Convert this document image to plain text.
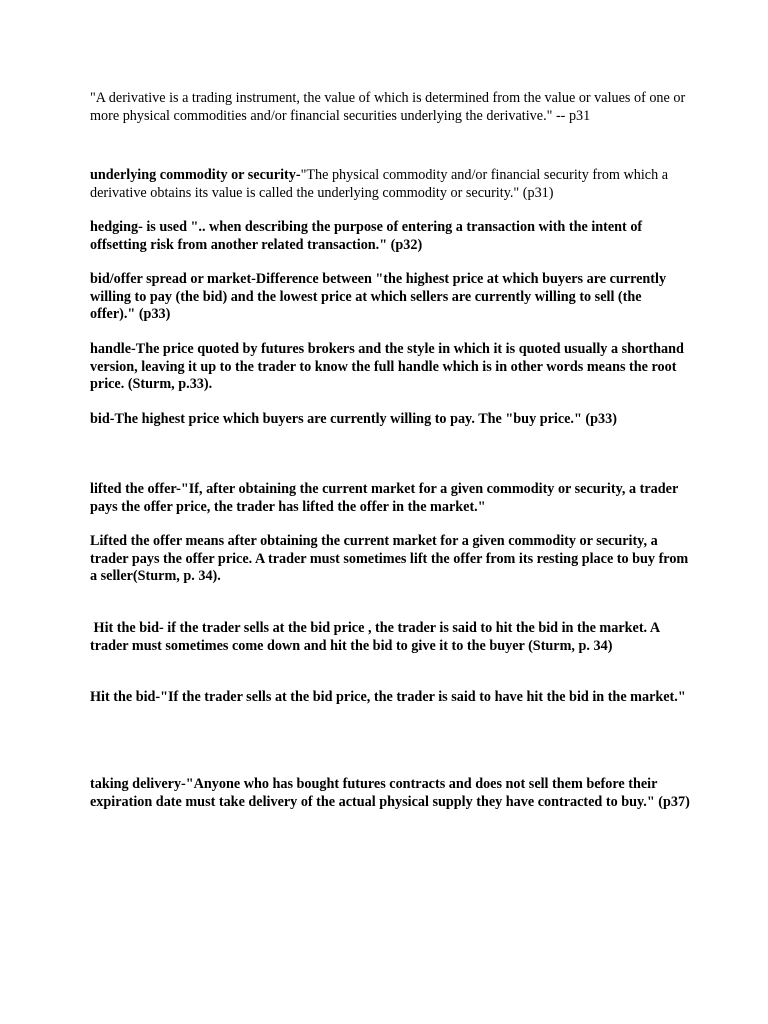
"A derivative is a trading instrument, the value of which is determined from the value or values of one or more physical commodities and/or financial securities underlying the derivative." -- p31

underlying commodity or security-"The physical commodity and/or financial security from which a derivative obtains its value is called the underlying commodity or security." (p31)

hedging- is used ".. when describing the purpose of entering a transaction with the intent of offsetting risk from another related transaction." (p32)

bid/offer spread or market-Difference between "the highest price at which buyers are currently willing to pay (the bid) and the lowest price at which sellers are currently willing to sell (the offer)." (p33)

handle-The price quoted by futures brokers and the style in which it is quoted usually a shorthand version, leaving it up to the trader to know the full handle which is in other words means the root price. (Sturm, p.33).

bid-The highest price which buyers are currently willing to pay. The "buy price." (p33)

lifted the offer-"If, after obtaining the current market for a given commodity or security, a trader pays the offer price, the trader has lifted the offer in the market."

Lifted the offer means after obtaining the current market for a given commodity or security, a trader pays the offer price. A trader must sometimes lift the offer from its resting place to buy from a seller(Sturm, p. 34).

Hit the bid- if the trader sells at the bid price , the trader is said to hit the bid in the market. A trader must sometimes come down and hit the bid to give it to the buyer (Sturm, p. 34)

Hit the bid-"If the trader sells at the bid price, the trader is said to have hit the bid in the market."

taking delivery-"Anyone who has bought futures contracts and does not sell them before their expiration date must take delivery of the actual physical supply they have contracted to buy." (p37)
